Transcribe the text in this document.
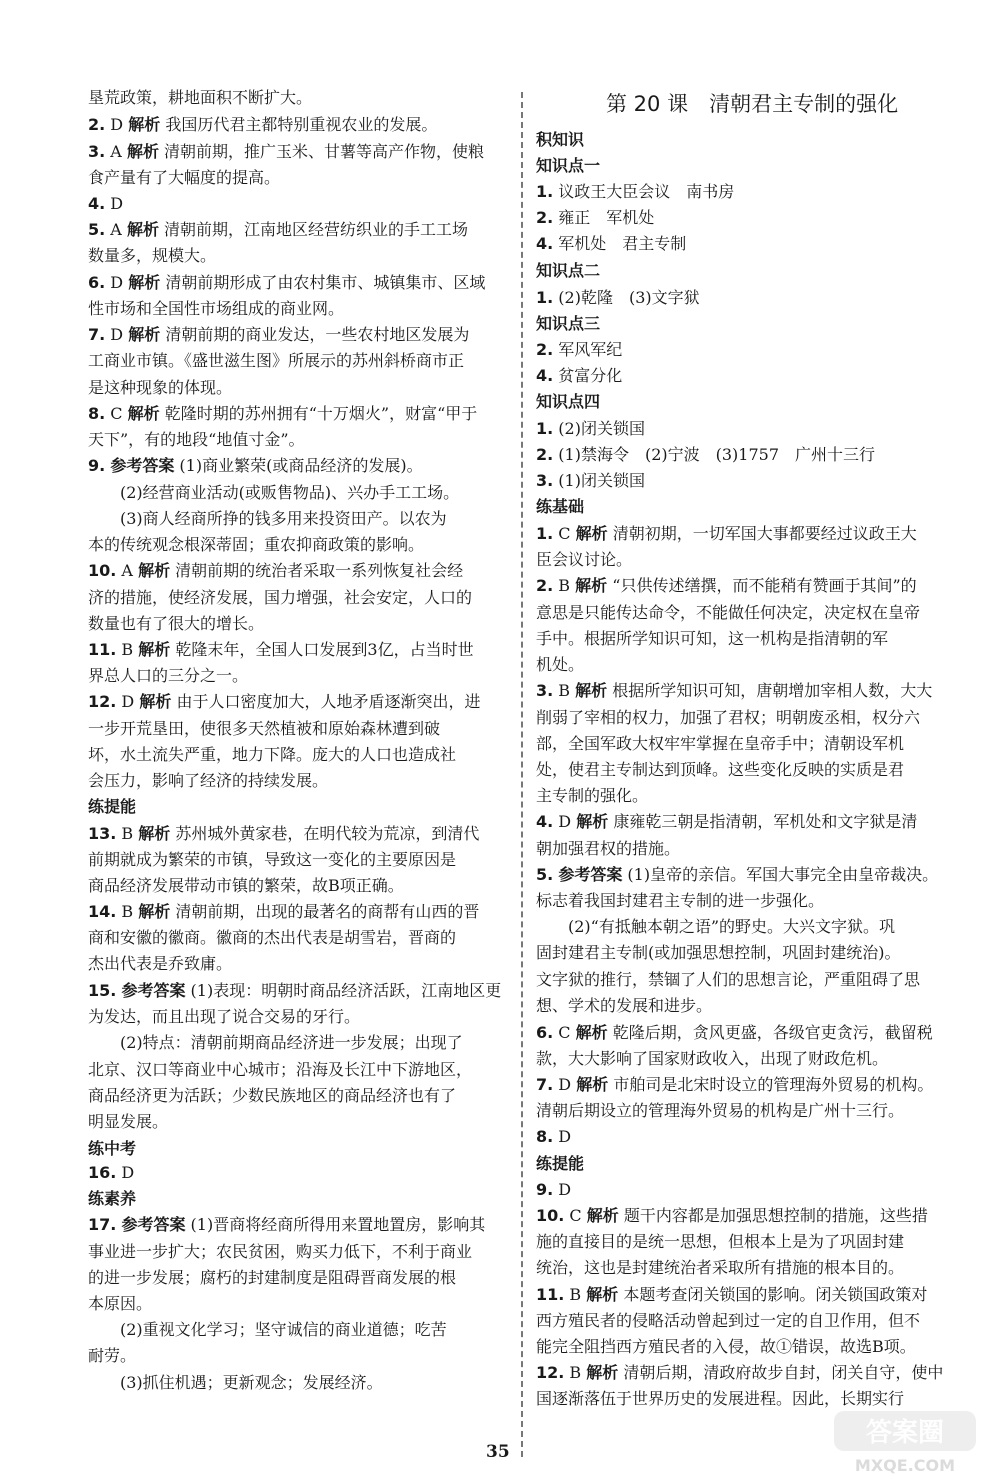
垦荒政策，耕地面积不断扩大。
2. D 解析 我国历代君主都特别重视农业的发展。
3. A 解析 清朝前期，推广玉米、甘薯等高产作物，使粮
食产量有了大幅度的提高。
4. D
5. A 解析 清朝前期，江南地区经营纺织业的手工工场
数量多，规模大。
6. D 解析 清朝前期形成了由农村集市、城镇集市、区域
性市场和全国性市场组成的商业网。
7. D 解析 清朝前期的商业发达，一些农村地区发展为
工商业市镇。《盛世滋生图》所展示的苏州斜桥商市正
是这种现象的体现。
8. C 解析 乾隆时期的苏州拥有“十万烟火”，财富“甲于
天下”，有的地段“地值寸金”。
9. 参考答案 (1)商业繁荣(或商品经济的发展)。
　　(2)经营商业活动(或贩售物品)、兴办手工工场。
　　(3)商人经商所挣的钱多用来投资田产。以农为
本的传统观念根深蒂固；重农抑商政策的影响。
10. A 解析 清朝前期的统治者采取一系列恢复社会经
济的措施，使经济发展，国力增强，社会安定，人口的
数量也有了很大的增长。
11. B 解析 乾隆末年，全国人口发展到3亿，占当时世
界总人口的三分之一。
12. D 解析 由于人口密度加大，人地矛盾逐渐突出，进
一步开荒垦田，使很多天然植被和原始森林遭到破
坏，水土流失严重，地力下降。庞大的人口也造成社
会压力，影响了经济的持续发展。
练提能
13. B 解析 苏州城外黄家巷，在明代较为荒凉，到清代
前期就成为繁荣的市镇，导致这一变化的主要原因是
商品经济发展带动市镇的繁荣，故B项正确。
14. B 解析 清朝前期，出现的最著名的商帮有山西的晋
商和安徽的徽商。徽商的杰出代表是胡雪岩，晋商的
杰出代表是乔致庸。
15. 参考答案 (1)表现：明朝时商品经济活跃，江南地区更
为发达，而且出现了说合交易的牙行。
　　(2)特点：清朝前期商品经济进一步发展；出现了
北京、汉口等商业中心城市；沿海及长江中下游地区，
商品经济更为活跃；少数民族地区的商品经济也有了
明显发展。
练中考
16. D
练素养
17. 参考答案 (1)晋商将经商所得用来置地置房，影响其
事业进一步扩大；农民贫困，购买力低下，不利于商业
的进一步发展；腐朽的封建制度是阻碍晋商发展的根
本原因。
　　(2)重视文化学习；坚守诚信的商业道德；吃苦
耐劳。
　　(3)抓住机遇；更新观念；发展经济。
第 20 课　清朝君主专制的强化
积知识
知识点一
1. 议政王大臣会议　南书房
2. 雍正　军机处
4. 军机处　君主专制
知识点二
1. (2)乾隆　(3)文字狱
知识点三
2. 军风军纪
4. 贫富分化
知识点四
1. (2)闭关锁国
2. (1)禁海令　(2)宁波　(3)1757　广州十三行
3. (1)闭关锁国
练基础
1. C 解析 清朝初期，一切军国大事都要经过议政王大
臣会议讨论。
2. B 解析 “只供传述缮撰，而不能稍有赞画于其间”的
意思是只能传达命令，不能做任何决定，决定权在皇帝
手中。根据所学知识可知，这一机构是指清朝的军
机处。
3. B 解析 根据所学知识可知，唐朝增加宰相人数，大大
削弱了宰相的权力，加强了君权；明朝废丞相，权分六
部，全国军政大权牢牢掌握在皇帝手中；清朝设军机
处，使君主专制达到顶峰。这些变化反映的实质是君
主专制的强化。
4. D 解析 康雍乾三朝是指清朝，军机处和文字狱是清
朝加强君权的措施。
5. 参考答案 (1)皇帝的亲信。军国大事完全由皇帝裁决。
标志着我国封建君主专制的进一步强化。
　　(2)“有抵触本朝之语”的野史。大兴文字狱。巩
固封建君主专制(或加强思想控制，巩固封建统治)。
文字狱的推行，禁锢了人们的思想言论，严重阻碍了思
想、学术的发展和进步。
6. C 解析 乾隆后期，贪风更盛，各级官吏贪污，截留税
款，大大影响了国家财政收入，出现了财政危机。
7. D 解析 市舶司是北宋时设立的管理海外贸易的机构。
清朝后期设立的管理海外贸易的机构是广州十三行。
8. D
练提能
9. D
10. C 解析 题干内容都是加强思想控制的措施，这些措
施的直接目的是统一思想，但根本上是为了巩固封建
统治，这也是封建统治者采取所有措施的根本目的。
11. B 解析 本题考查闭关锁国的影响。闭关锁国政策对
西方殖民者的侵略活动曾起到过一定的自卫作用，但不
能完全阻挡西方殖民者的入侵，故①错误，故选B项。
12. B 解析 清朝后期，清政府故步自封，闭关自守，使中
国逐渐落伍于世界历史的发展进程。因此，长期实行
35
答案圈
MXQE.COM
